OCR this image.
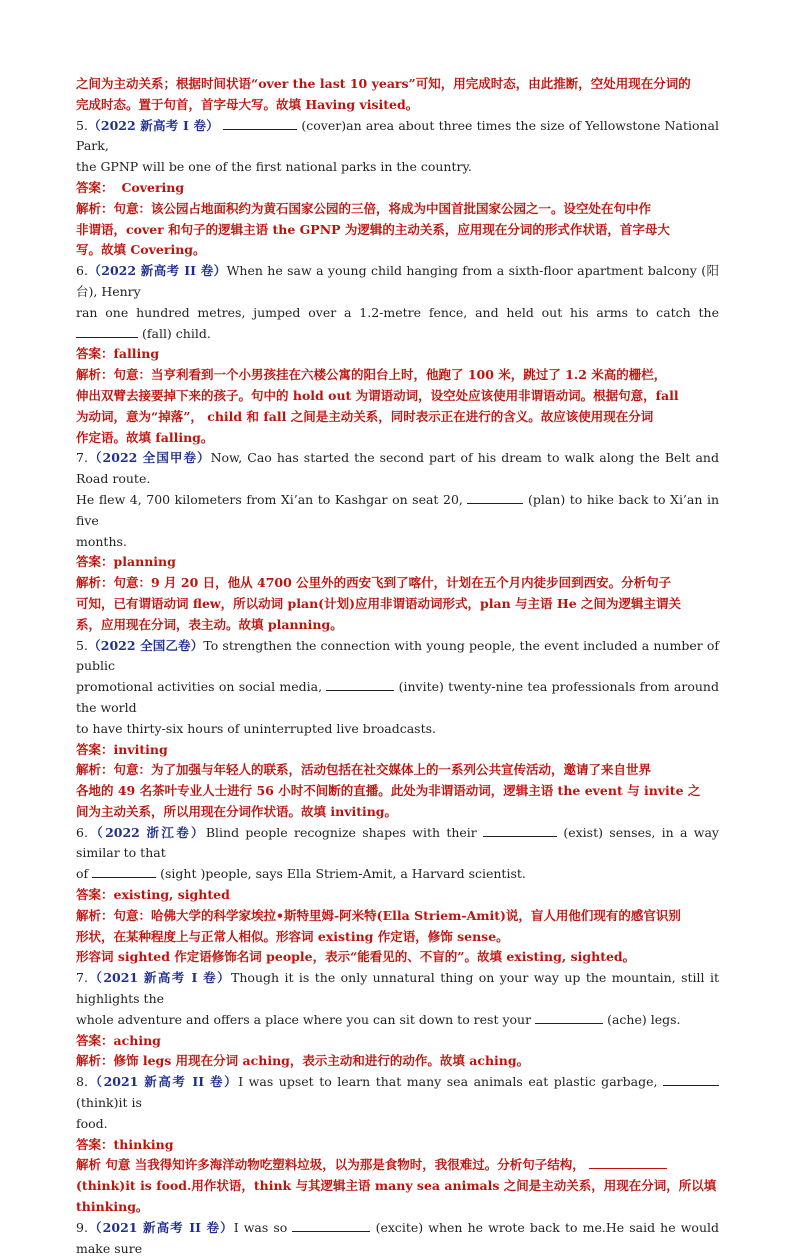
之间为主动关系；根据时间状语“over the last 10 years”可知，用完成时态，由此推断，空处用现在分词的
完成时态。置于句首，首字母大写。故填 Having visited。
5.（2022 新高考 I 卷）	(cover)an area about three times the size of Yellowstone National Park,
the GPNP will be one of the first national parks in the country.
答案： Covering
解析：句意：该公园占地面积约为黄石国家公园的三倍，将成为中国首批国家公园之一。设空处在句中作
非谓语，cover 和句子的逻辑主语 the GPNP 为逻辑的主动关系，应用现在分词的形式作状语，首字母大
写。故填 Covering。
6.（2022 新高考 II 卷）When he saw a young child hanging from a sixth-floor apartment balcony (阳台), Henry
ran one hundred metres, jumped over a 1.2-metre fence, and held out his arms to catch the  (fall) child.
答案：falling
解析：句意：当亨利看到一个小男孩挂在六楼公寓的阳台上时，他跑了 100 米，跳过了 1.2 米高的栅栏，
伸出双臂去接要掉下来的孩子。句中的 hold out 为谓语动词，设空处应该使用非谓语动词。根据句意，fall
为动词，意为“掉落”， child 和 fall 之间是主动关系，同时表示正在进行的含义。故应该使用现在分词
作定语。故填 falling。
7.（2022 全国甲卷）Now, Cao has started the second part of his dream to walk along the Belt and Road route.
He flew 4, 700 kilometers from Xi’an to Kashgar on seat 20,	(plan) to hike back to Xi’an in five
months.
答案：planning
解析：句意：9 月 20 日，他从 4700 公里外的西安飞到了喀什，计划在五个月内徒步回到西安。分析句子
可知，已有谓语动词 flew，所以动词 plan(计划)应用非谓语动词形式，plan 与主语 He 之间为逻辑主谓关
系，应用现在分词，表主动。故填 planning。
5.（2022 全国乙卷）To strengthen the connection with young people, the event included a number of public
promotional activities on social media,	(invite) twenty-nine tea professionals from around the world
to have thirty-six hours of uninterrupted live broadcasts.
答案：inviting
解析：句意：为了加强与年轻人的联系，活动包括在社交媒体上的一系列公共宣传活动，邀请了来自世界
各地的 49 名茶叶专业人士进行 56 小时不间断的直播。此处为非谓语动词，逻辑主语 the event 与 invite 之
间为主动关系，所以用现在分词作状语。故填 inviting。
6.（2022 浙江卷）Blind people recognize shapes with their	(exist) senses, in a way similar to that
of	(sight )people, says Ella Striem-Amit, a Harvard scientist.
答案：existing, sighted
解析：句意：哈佛大学的科学家埃拉•斯特里姆-阿米特(Ella Striem-Amit)说，盲人用他们现有的感官识别
形状，在某种程度上与正常人相似。形容词 existing 作定语，修饰 sense。
形容词 sighted 作定语修饰名词 people，表示“能看见的、不盲的”。故填 existing, sighted。
7.（2021 新高考 I 卷）Though it is the only unnatural thing on your way up the mountain, still it highlights the
whole adventure and offers a place where you can sit down to rest your	(ache) legs.
答案：aching
解析：修饰 legs 用现在分词 aching，表示主动和进行的动作。故填 aching。
8.（2021 新高考 II 卷）I was upset to learn that many sea animals eat plastic garbage,  (think)it is
food.
答案：thinking
解析 句意 当我得知许多海洋动物吃塑料垃圾，以为那是食物时，我很难过。分析句子结构，
(think)it is food.用作状语，think 与其逻辑主语 many sea animals 之间是主动关系，用现在分词，所以填
thinking。
9.（2021 新高考 II 卷）I was so	(excite) when he wrote back to me.He said he would make sure
